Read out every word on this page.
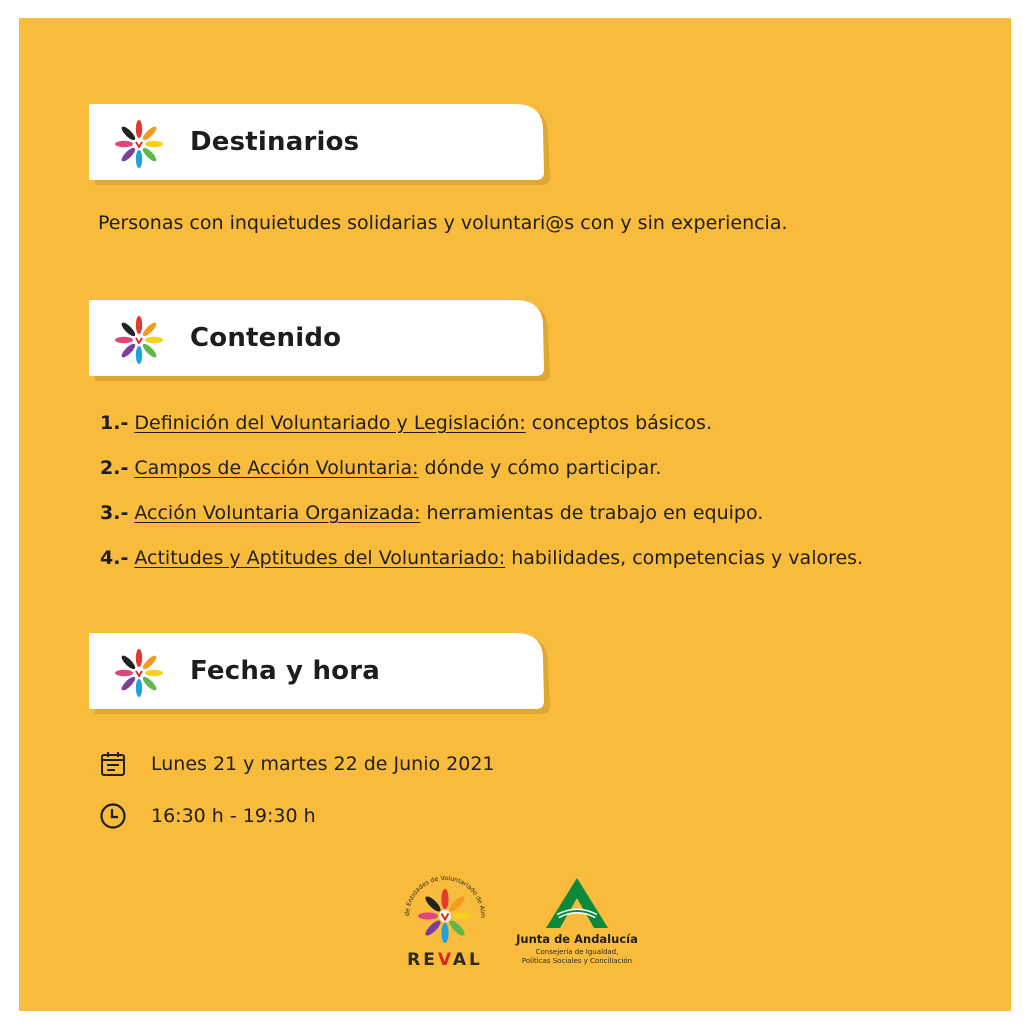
Destinarios
Personas con inquietudes solidarias y voluntari@s con y sin experiencia.
Contenido
1.- Definición del Voluntariado y Legislación: conceptos básicos.
2.- Campos de Acción Voluntaria: dónde y cómo participar.
3.- Acción Voluntaria Organizada: herramientas de trabajo en equipo.
4.- Actitudes y Aptitudes del Voluntariado: habilidades, competencias y valores.
Fecha y hora
Lunes 21 y martes 22 de Junio 2021
16:30 h - 19:30 h
de Entidades de Voluntariado de Alm
REVAL
Junta de Andalucía
Consejería de Igualdad,
Políticas Sociales y Conciliación
